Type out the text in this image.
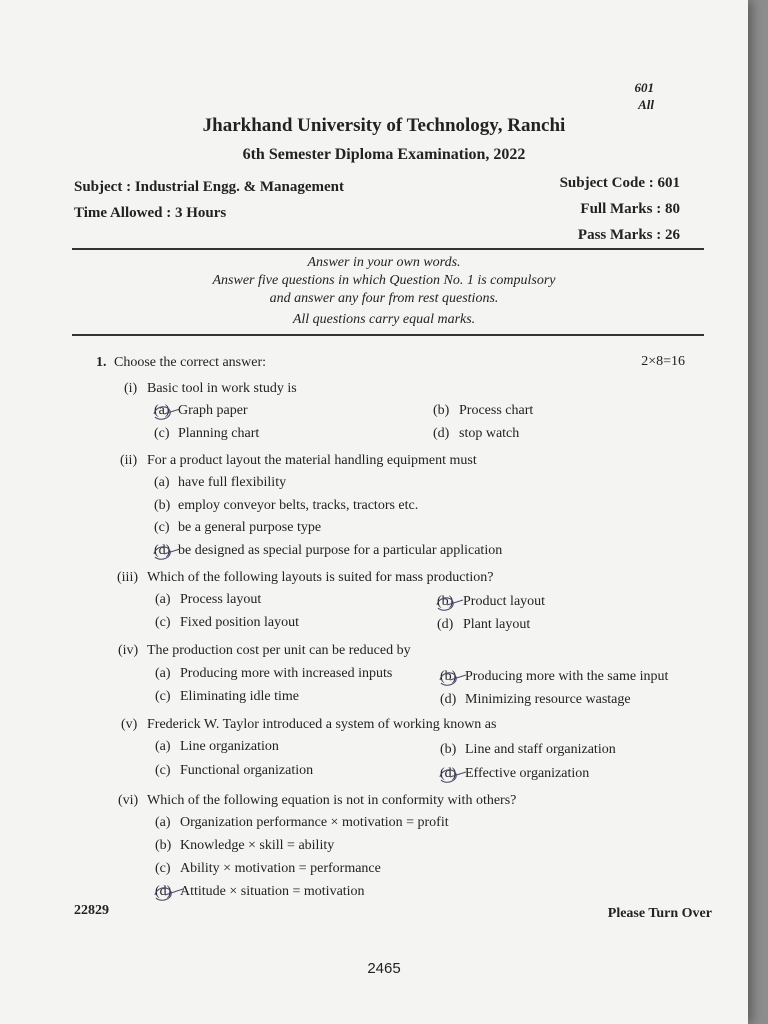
601
All
Jharkhand University of Technology, Ranchi
6th Semester Diploma Examination, 2022
Subject : Industrial Engg. & Management
Time Allowed : 3 Hours
Subject Code : 601
Full Marks : 80
Pass Marks : 26
Answer in your own words.
Answer five questions in which Question No. 1 is compulsory
and answer any four from rest questions.
All questions carry equal marks.
1. Choose the correct answer:	2×8=16
(i) Basic tool in work study is
(a) Graph paper	(b) Process chart
(c) Planning chart	(d) stop watch
(ii) For a product layout the material handling equipment must
(a) have full flexibility
(b) employ conveyor belts, tracks, tractors etc.
(c) be a general purpose type
(d) be designed as special purpose for a particular application
(iii) Which of the following layouts is suited for mass production?
(a) Process layout	(b) Product layout
(c) Fixed position layout	(d) Plant layout
(iv) The production cost per unit can be reduced by
(a) Producing more with increased inputs	(b) Producing more with the same input
(c) Eliminating idle time	(d) Minimizing resource wastage
(v) Frederick W. Taylor introduced a system of working known as
(a) Line organization	(b) Line and staff organization
(c) Functional organization	(d) Effective organization
(vi) Which of the following equation is not in conformity with others?
(a) Organization performance × motivation = profit
(b) Knowledge × skill = ability
(c) Ability × motivation = performance
(d) Attitude × situation = motivation
22829	Please Turn Over
2465
